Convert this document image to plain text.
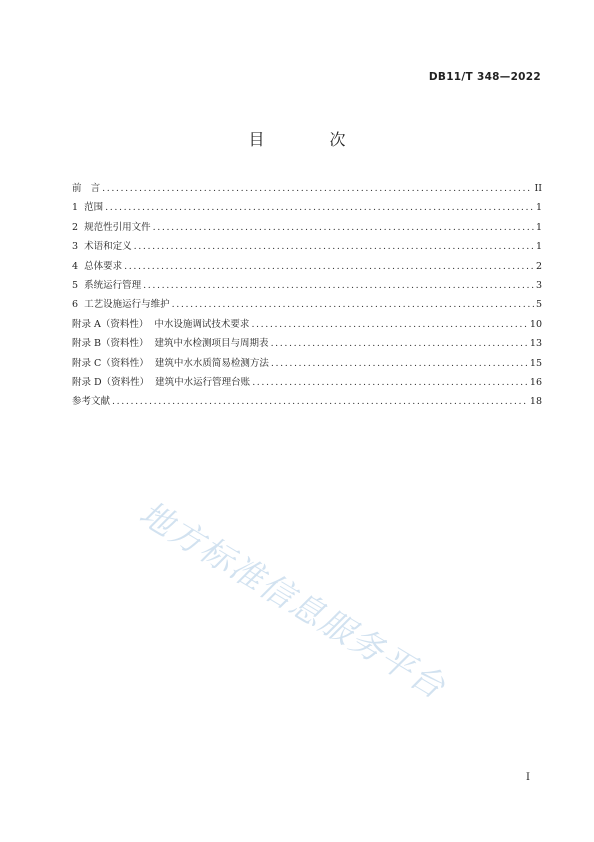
DB11/T 348—2022
目 次
前 言 .....	II
1 范围 .....	1
2 规范性引用文件 .....	1
3 术语和定义 .....	1
4 总体要求 .....	2
5 系统运行管理 .....	3
6 工艺设施运行与维护 .....	5
附录 A （资料性）  中水设施调试技术要求 .....	10
附录 B （资料性）  建筑中水检测项目与周期表 .....	13
附录 C （资料性）  建筑中水水质简易检测方法 .....	15
附录 D （资料性）  建筑中水运行管理台账 .....	16
参考文献 .....	18
地方标准信息服务平台
I
